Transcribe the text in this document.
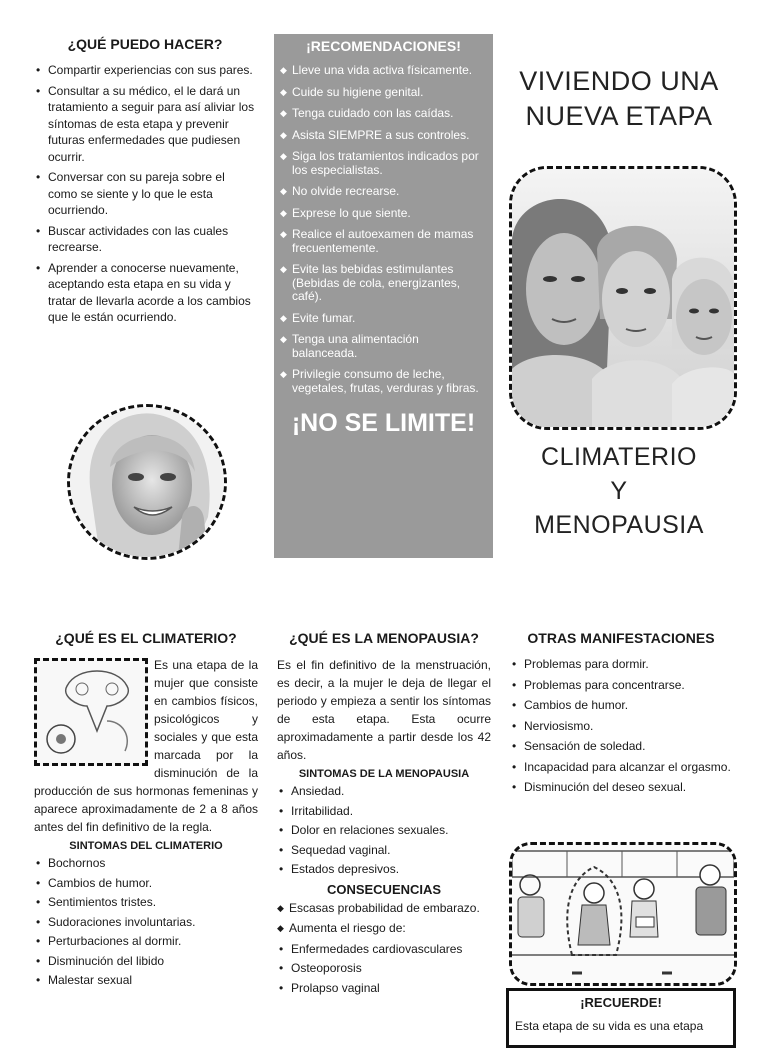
¿QUÉ PUEDO HACER?
• Compartir experiencias con sus pares.
• Consultar a su médico, el le dará un tratamiento a seguir para así aliviar los síntomas de esta etapa y prevenir futuras enfermedades que pudiesen ocurrir.
• Conversar con su pareja sobre el como se siente y lo que le esta ocurriendo.
• Buscar actividades con las cuales recrearse.
• Aprender a conocerse nuevamente, aceptando esta etapa en su vida y tratar de llevarla acorde a los cambios que le están ocurriendo.
¡RECOMENDACIONES!
◆ Lleve una vida activa físicamente.
◆ Cuide su higiene genital.
◆ Tenga cuidado con las caídas.
◆ Asista SIEMPRE a sus controles.
◆ Siga los tratamientos indicados por los especialistas.
◆ No olvide recrearse.
◆ Exprese lo que siente.
◆ Realice el autoexamen de mamas frecuentemente.
◆ Evite las bebidas estimulantes (Bebidas de cola, energizantes, café).
◆ Evite fumar.
◆ Tenga una alimentación balanceada.
◆ Privilegie consumo de leche, vegetales, frutas, verduras y fibras.
¡NO SE LIMITE!
VIVIENDO UNA
NUEVA ETAPA
CLIMATERIO
Y
MENOPAUSIA
¿QUÉ ES EL CLIMATERIO?
Es una etapa de la mujer que consiste en cambios físicos, psicológicos y sociales y que esta marcada por la disminución de la producción de sus hormonas femeninas y aparece aproximadamente de 2 a 8 años antes del fin definitivo de la regla.
SINTOMAS DEL CLIMATERIO
• Bochornos
• Cambios de humor.
• Sentimientos tristes.
• Sudoraciones involuntarias.
• Perturbaciones al dormir.
• Disminución del libido
• Malestar sexual
¿QUÉ ES LA MENOPAUSIA?
Es el fin definitivo de la menstruación, es decir, a la mujer le deja de llegar el periodo y empieza a sentir los síntomas de esta etapa. Esta ocurre aproximadamente a partir desde los 42 años.
SINTOMAS DE LA MENOPAUSIA
• Ansiedad.
• Irritabilidad.
• Dolor en relaciones sexuales.
• Sequedad vaginal.
• Estados depresivos.
CONSECUENCIAS
◆ Escasas probabilidad de embarazo.
◆ Aumenta el riesgo de:
• Enfermedades cardiovasculares
• Osteoporosis
• Prolapso vaginal
OTRAS MANIFESTACIONES
• Problemas para dormir.
• Problemas para concentrarse.
• Cambios de humor.
• Nerviosismo.
• Sensación de soledad.
• Incapacidad para alcanzar el orgasmo.
• Disminución del deseo sexual.
¡RECUERDE!
Esta etapa de su vida es una etapa
